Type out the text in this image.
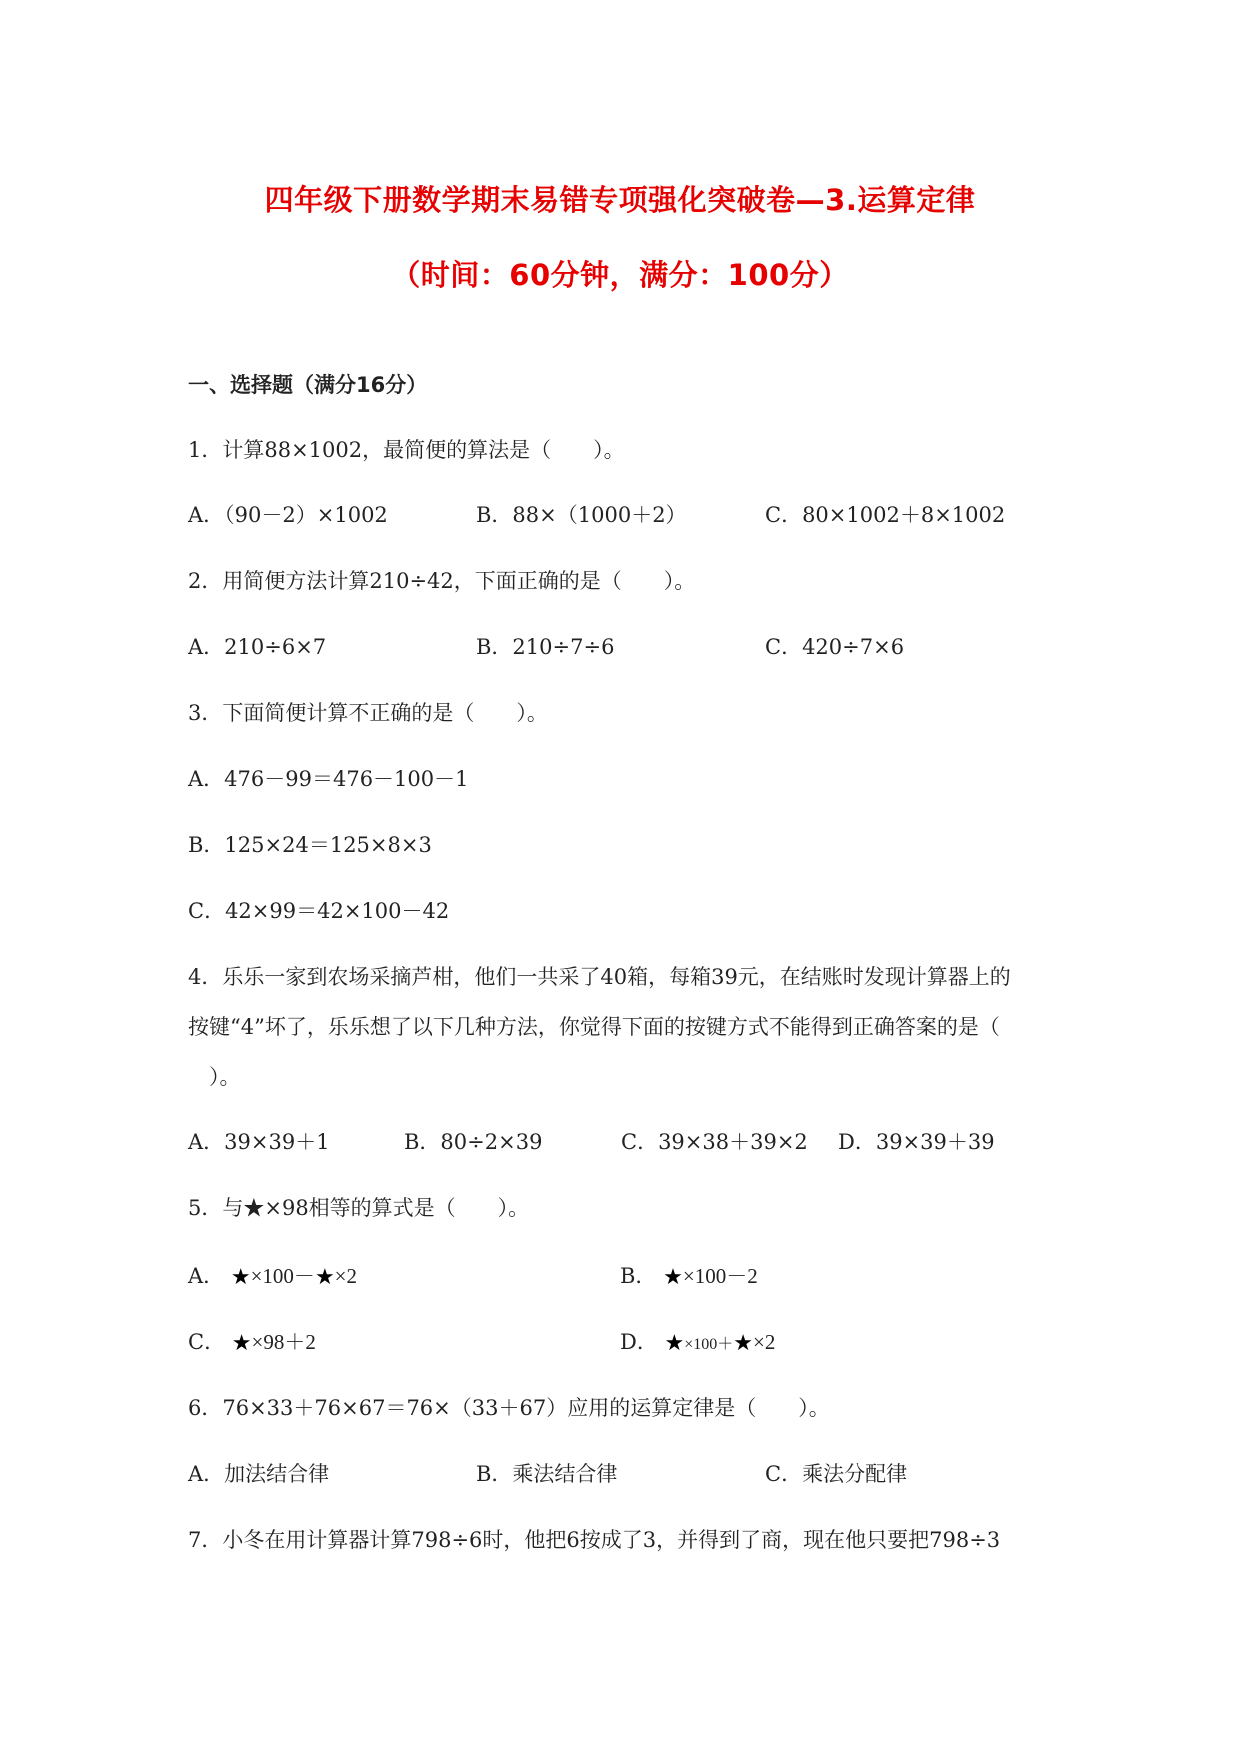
四年级下册数学期末易错专项强化突破卷—3.运算定律
（时间：60分钟，满分：100分）
一、选择题（满分16分）
1．计算88×1002，最简便的算法是（　　）。
A．（90－2）×1002	B．88×（1000＋2）	C．80×1002＋8×1002
2．用简便方法计算210÷42，下面正确的是（　　）。
A．210÷6×7	B．210÷7÷6	C．420÷7×6
3．下面简便计算不正确的是（　　）。
A．476－99＝476－100－1
B．125×24＝125×8×3
C．42×99＝42×100－42
4．乐乐一家到农场采摘芦柑，他们一共采了40箱，每箱39元，在结账时发现计算器上的
按键“4”坏了，乐乐想了以下几种方法，你觉得下面的按键方式不能得到正确答案的是（
　）。
A．39×39＋1	B．80÷2×39	C．39×38＋39×2 D．39×39＋39
5．与★×98相等的算式是（　　）。
A． ★×100－★×2	B． ★×100－2
C． ★×98＋2	D． ★×100＋★×2
6．76×33＋76×67＝76×（33＋67）应用的运算定律是（　　）。
A．加法结合律	B．乘法结合律	C．乘法分配律
7．小冬在用计算器计算798÷6时，他把6按成了3，并得到了商，现在他只要把798÷3
